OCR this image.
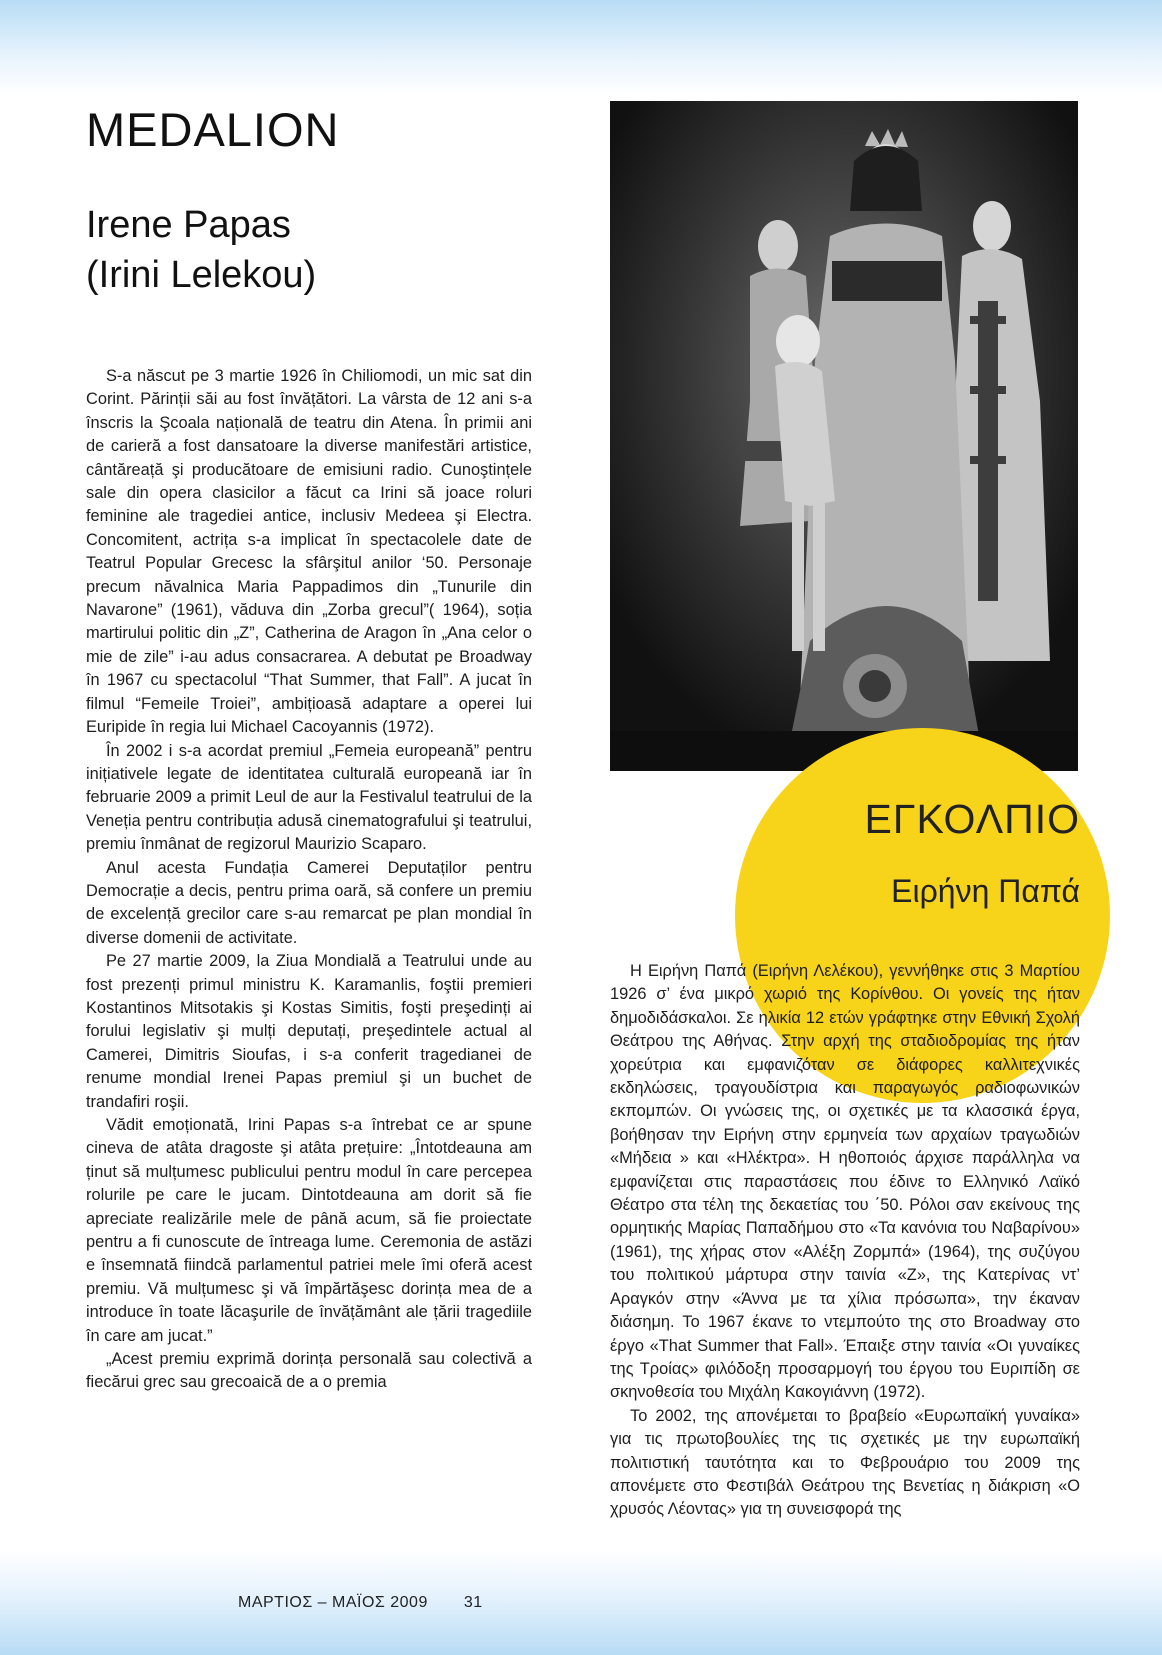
MEDALION
Irene Papas
(Irini Lelekou)

S-a născut pe 3 martie 1926 în Chiliomodi, un mic sat din Corint. Părinții săi au fost învățători. La vârsta de 12 ani s-a înscris la Şcoala națională de teatru din Atena. În primii ani de carieră a fost dansatoare la diverse manifestări artistice, cântăreață şi producătoare de emisiuni radio. Cunoştințele sale din opera clasicilor a făcut ca Irini să joace roluri feminine ale tragediei antice, inclusiv Medeea şi Electra. Concomitent, actrița s-a implicat în spectacolele date de Teatrul Popular Grecesc la sfârşitul anilor ‘50. Personaje precum năvalnica Maria Pappadimos din „Tunurile din Navarone” (1961), văduva din „Zorba grecul”( 1964), soția martirului politic din „Z”, Catherina de Aragon în „Ana celor o mie de zile” i-au adus consacrarea. A debutat pe Broadway în 1967 cu spectacolul “That Summer, that Fall”. A jucat în filmul “Femeile Troiei”, ambițioasă adaptare a operei lui Euripide în regia lui Michael Cacoyannis (1972).

În 2002 i s-a acordat premiul „Femeia europeană” pentru inițiativele legate de identitatea culturală europeană iar în februarie 2009 a primit Leul de aur la Festivalul teatrului de la Veneția pentru contribuția adusă cinematografului şi teatrului, premiu înmânat de regizorul Maurizio Scaparo.

Anul acesta Fundația Camerei Deputaților pentru Democrație a decis, pentru prima oară, să confere un premiu de excelență grecilor care s-au remarcat pe plan mondial în diverse domenii de activitate.

Pe 27 martie 2009, la Ziua Mondială a Teatrului unde au fost prezenți primul ministru K. Karamanlis, foştii premieri Kostantinos Mitsotakis şi Kostas Simitis, foşti preşedinți ai forului legislativ şi mulți deputați, preşedintele actual al Camerei, Dimitris Sioufas, i s-a conferit tragedianei de renume mondial Irenei Papas premiul şi un buchet de trandafiri roşii.

Vădit emoționată, Irini Papas s-a întrebat ce ar spune cineva de atâta dragoste şi atâta prețuire: „Întotdeauna am ținut să mulțumesc publicului pentru modul în care percepea rolurile pe care le jucam. Dintotdeauna am dorit să fie apreciate realizările mele de până acum, să fie proiectate pentru a fi cunoscute de întreaga lume. Ceremonia de astăzi e însemnată fiindcă parlamentul patriei mele îmi oferă acest premiu. Vă mulțumesc şi vă împărtăşesc dorința mea de a introduce în toate lăcaşurile de învățământ ale țării tragediile în care am jucat.”

„Acest premiu exprimă dorința personală sau colectivă a fiecărui grec sau grecoaică de a o premia

ΕΓΚΟΛΠΙΟ
Ειρήνη Παπά

Η Ειρήνη Παπά (Ειρήνη Λελέκου), γεννήθηκε στις 3 Μαρτίου 1926 σ’ ένα μικρό χωριό της Κορίνθου. Οι γονείς της ήταν δημοδιδάσκαλοι. Σε ηλικία 12 ετών γράφτηκε στην Εθνική Σχολή Θεάτρου της Αθήνας. Στην αρχή της σταδιοδρομίας της ήταν χορεύτρια και εμφανιζόταν σε διάφορες καλλιτεχνικές εκδηλώσεις, τραγουδίστρια και παραγωγός ραδιοφωνικών εκπομπών. Οι γνώσεις της, οι σχετικές με τα κλασσικά έργα, βοήθησαν την Ειρήνη στην ερμηνεία των αρχαίων τραγωδιών «Μήδεια » και «Ηλέκτρα». Η ηθοποιός άρχισε παράλληλα να εμφανίζεται στις παραστάσεις που έδινε το Ελληνικό Λαϊκό Θέατρο στα τέλη της δεκαετίας του ΄50. Ρόλοι σαν εκείνους της ορμητικής Μαρίας Παπαδήμου στο «Τα κανόνια του Ναβαρίνου» (1961), της χήρας στον «Αλέξη Ζορμπά» (1964), της συζύγου του πολιτικού μάρτυρα στην ταινία «Ζ», της Κατερίνας ντ’ Αραγκόν στην «Άννα με τα χίλια πρόσωπα», την έκαναν διάσημη. Το 1967 έκανε το ντεμπούτο της στο Broadway στο έργο «That Summer that Fall». Έπαιξε στην ταινία «Οι γυναίκες της Τροίας» φιλόδοξη προσαρμογή του έργου του Ευριπίδη σε σκηνοθεσία του Μιχάλη Κακογιάννη (1972).

Το 2002, της απονέμεται το βραβείο «Ευρωπαϊκή γυναίκα» για τις πρωτοβουλίες της τις σχετικές με την ευρωπαϊκή πολιτιστική ταυτότητα και το Φεβρουάριο του 2009 της απονέμετε στο Φεστιβάλ Θεάτρου της Βενετίας η διάκριση «Ο χρυσός Λέοντας» για τη συνεισφορά της

ΜΑΡΤΙΟΣ – ΜΑΪΟΣ 2009 31
